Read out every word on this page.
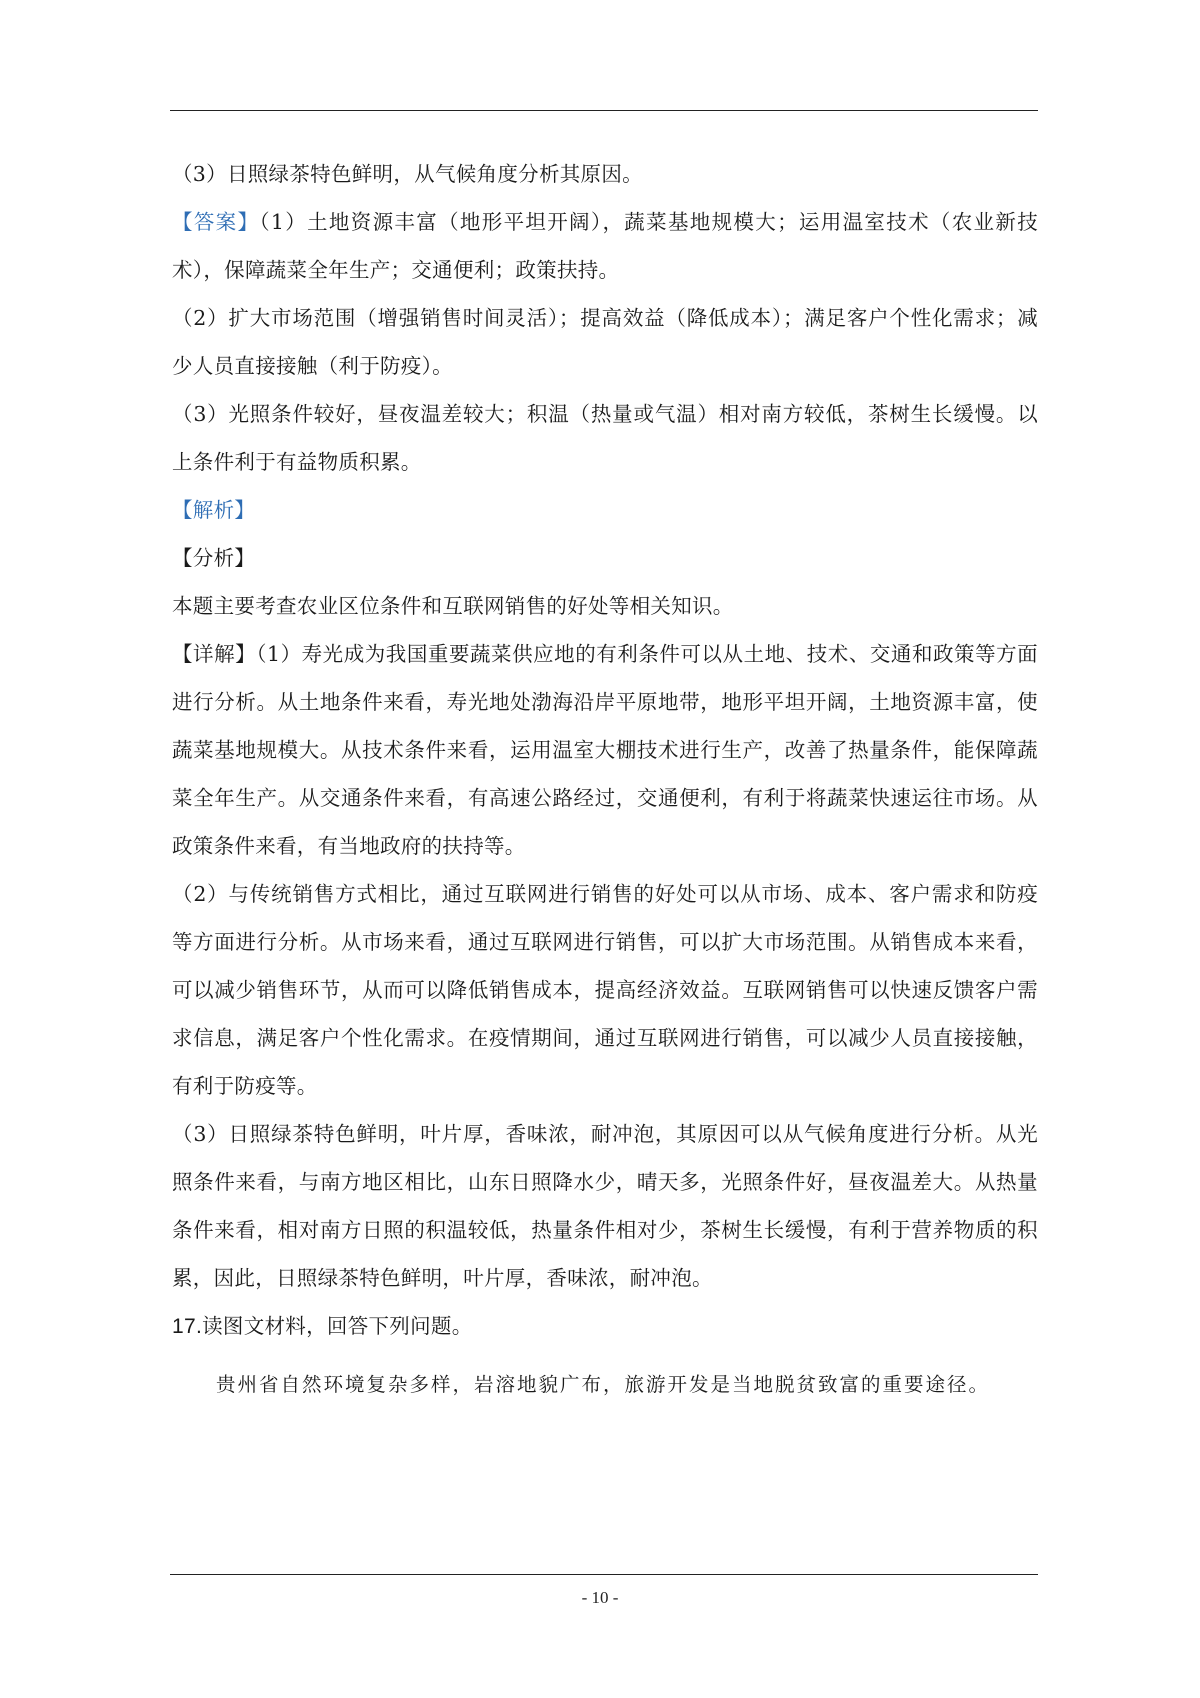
（3）日照绿茶特色鲜明，从气候角度分析其原因。

【答案】（1）土地资源丰富（地形平坦开阔），蔬菜基地规模大；运用温室技术（农业新技术），保障蔬菜全年生产；交通便利；政策扶持。

（2）扩大市场范围（增强销售时间灵活）；提高效益（降低成本）；满足客户个性化需求；减少人员直接接触（利于防疫）。

（3）光照条件较好，昼夜温差较大；积温（热量或气温）相对南方较低，茶树生长缓慢。以上条件利于有益物质积累。

【解析】

【分析】

本题主要考查农业区位条件和互联网销售的好处等相关知识。

【详解】（1）寿光成为我国重要蔬菜供应地的有利条件可以从土地、技术、交通和政策等方面进行分析。从土地条件来看，寿光地处渤海沿岸平原地带，地形平坦开阔，土地资源丰富，使蔬菜基地规模大。从技术条件来看，运用温室大棚技术进行生产，改善了热量条件，能保障蔬菜全年生产。从交通条件来看，有高速公路经过，交通便利，有利于将蔬菜快速运往市场。从政策条件来看，有当地政府的扶持等。

（2）与传统销售方式相比，通过互联网进行销售的好处可以从市场、成本、客户需求和防疫等方面进行分析。从市场来看，通过互联网进行销售，可以扩大市场范围。从销售成本来看，可以减少销售环节，从而可以降低销售成本，提高经济效益。互联网销售可以快速反馈客户需求信息，满足客户个性化需求。在疫情期间，通过互联网进行销售，可以减少人员直接接触，有利于防疫等。

（3）日照绿茶特色鲜明，叶片厚，香味浓，耐冲泡，其原因可以从气候角度进行分析。从光照条件来看，与南方地区相比，山东日照降水少，晴天多，光照条件好，昼夜温差大。从热量条件来看，相对南方日照的积温较低，热量条件相对少，茶树生长缓慢，有利于营养物质的积累，因此，日照绿茶特色鲜明，叶片厚，香味浓，耐冲泡。

17.读图文材料，回答下列问题。

贵州省自然环境复杂多样，岩溶地貌广布，旅游开发是当地脱贫致富的重要途径。

- 10 -
